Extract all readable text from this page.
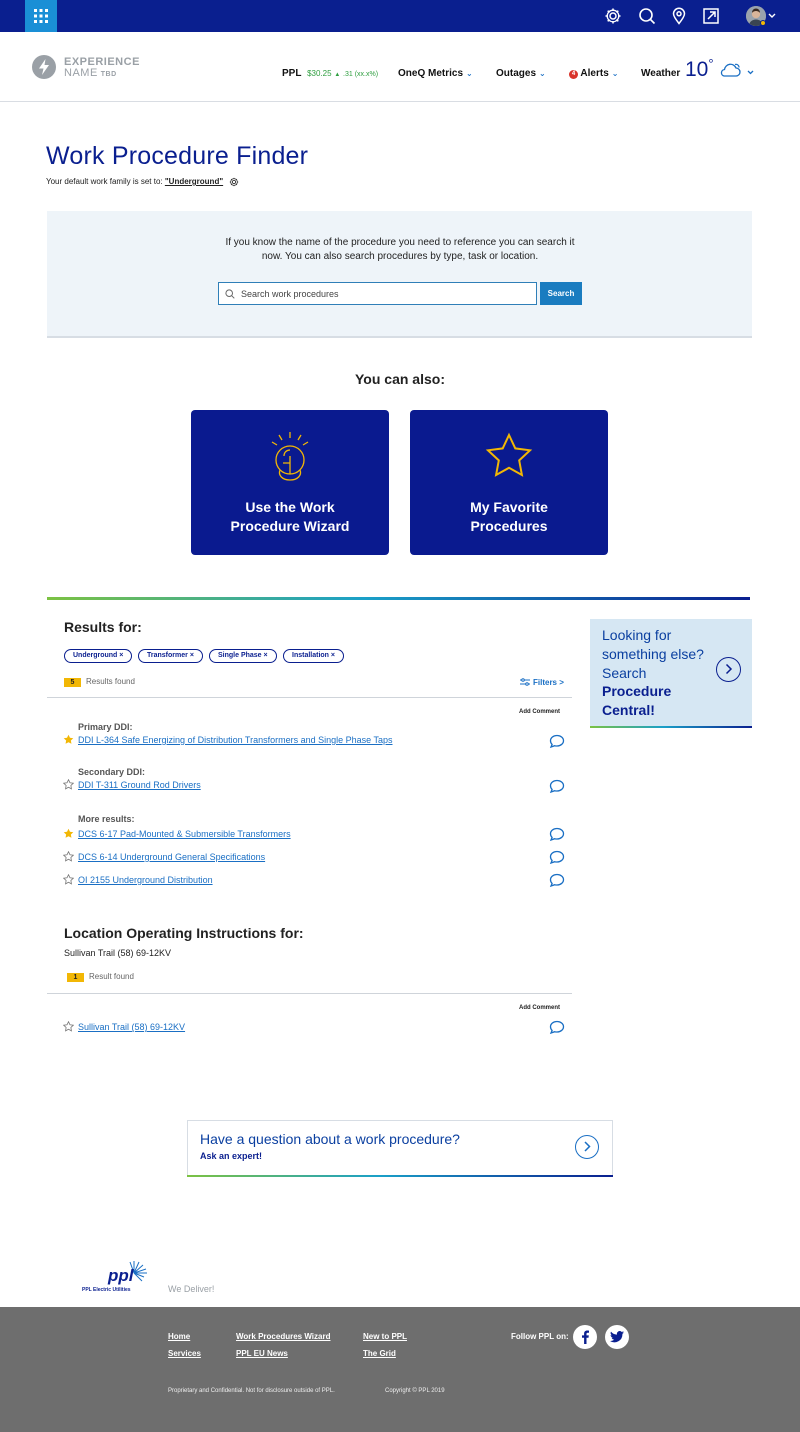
EXPERIENCE
NAME TBD	PPL $30.25 ▲ .31 (xx.x%) OneQ Metrics ⌄ Outages ⌄	4 Alerts ⌄ Weather 10°
Work Procedure Finder
Your default work family is set to: "Underground"
If you know the name of the procedure you need to reference you can search it now. You can also search procedures by type, task or location.
Search work procedures
Search
You can also:
Use the Work
Procedure Wizard
My Favorite
Procedures
Results for:
Underground ×	Transformer ×	Single Phase ×	Installation ×
5	Results found	Filters >
Add Comment
Primary DDI:
DDI L-364 Safe Energizing of Distribution Transformers and Single Phase Taps
Secondary DDI:
DDI T-311 Ground Rod Drivers
More results:
DCS 6-17 Pad-Mounted & Submersible Transformers
DCS 6-14 Underground General Specifications
OI 2155 Underground Distribution
Looking for something else? Search
Procedure Central!
Location Operating Instructions for:
Sullivan Trail (58) 69-12KV
1	Result found
Add Comment
Sullivan Trail (58) 69-12KV
Have a question about a work procedure?
Ask an expert!
ppl
PPL Electric Utilities	We Deliver!
Home	Work Procedures Wizard	New to PPL
Services	PPL EU News	The Grid
Follow PPL on:
Proprietary and Confidential. Not for disclosure outside of PPL.	Copyright © PPL 2019
